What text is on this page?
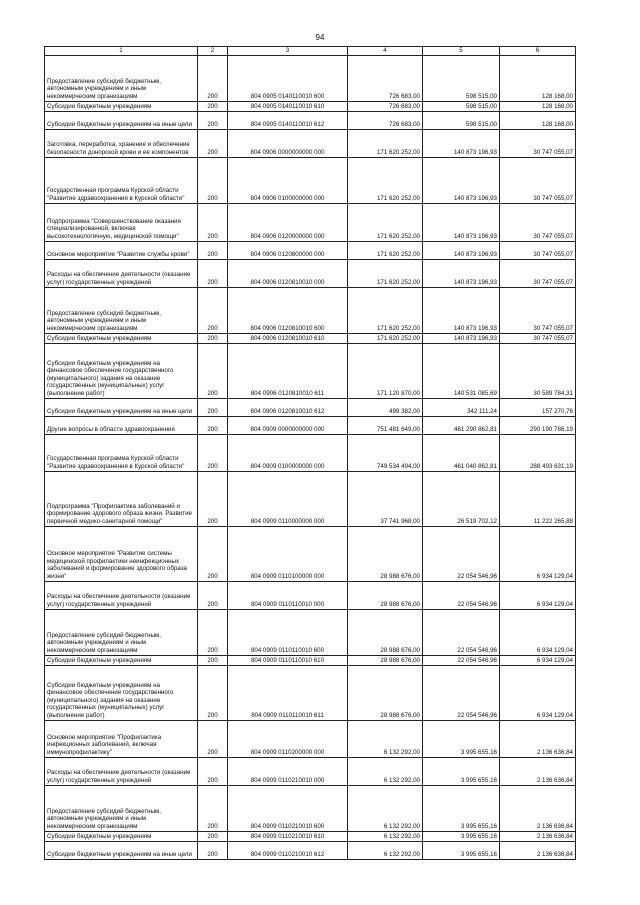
94
1	2	3	4	5	6
Предоставление субсидий бюджетным, автономным учреждениям и иным некоммерческим организациям	200	804 0905 0140110010 600	726 683,00	598 515,00	128 168,00
Субсидии бюджетным учреждениям	200	804 0905 0140110010 610	726 683,00	598 515,00	128 168,00
Субсидии бюджетным учреждениям на иные цели	200	804 0905 0140110010 612	726 683,00	598 515,00	128 168,00
Заготовка, переработка, хранение и обеспечение безопасности донорской крови и ее компонентов	200	804 0906 0000000000 000	171 620 252,00	140 873 196,93	30 747 055,07
Государственная программа Курской области "Развитие здравоохранения в Курской области"	200	804 0906 0100000000 000	171 620 252,00	140 873 196,93	30 747 055,07
Подпрограмма "Совершенствование оказания специализированной, включая высокотехнологичную, медицинской помощи"	200	804 0906 0120000000 000	171 620 252,00	140 873 196,93	30 747 055,07
Основное мероприятие "Развитие службы крови"	200	804 0906 0120800000 000	171 620 252,00	140 873 196,93	30 747 055,07
Расходы на обеспечение деятельности (оказание услуг) государственных учреждений	200	804 0906 0120810010 000	171 620 252,00	140 873 196,93	30 747 055,07
Предоставление субсидий бюджетным, автономным учреждениям и иным некоммерческим организациям	200	804 0906 0120810010 600	171 620 252,00	140 873 196,93	30 747 055,07
Субсидии бюджетным учреждениям	200	804 0906 0120810010 610	171 620 252,00	140 873 196,93	30 747 055,07
Субсидии бюджетным учреждениям на финансовое обеспечение государственного (муниципального) задания на оказание государственных (муниципальных) услуг (выполнение работ)	200	804 0906 0120810010 611	171 120 870,00	140 531 085,69	30 589 784,31
Субсидии бюджетным учреждениям на иные цели	200	804 0906 0120810010 612	499 382,00	342 111,24	157 270,76
Другие вопросы в области здравоохранения	200	804 0909 0000000000 000	751 481 649,00	461 290 862,81	290 190 786,19
Государственная программа Курской области "Развитие здравоохранения в Курской области"	200	804 0909 0100000000 000	749 534 494,00	461 040 862,81	288 493 631,19
Подпрограмма "Профилактика заболеваний и формирование здорового образа жизни. Развитие первичной медико-санитарной помощи"	200	804 0909 0110000000 000	37 741 968,00	26 519 702,12	11 222 265,88
Основное мероприятие "Развитие системы медицинской профилактики неинфекционных заболеваний и формирование здорового образа жизни"	200	804 0909 0110100000 000	28 988 676,00	22 054 546,96	6 934 129,04
Расходы на обеспечение деятельности (оказание услуг) государственных учреждений	200	804 0909 0110110010 000	28 988 676,00	22 054 546,96	6 934 129,04
Предоставление субсидий бюджетным, автономным учреждениям и иным некоммерческим организациям	200	804 0909 0110110010 600	28 988 676,00	22 054 546,96	6 934 129,04
Субсидии бюджетным учреждениям	200	804 0909 0110110010 610	28 988 676,00	22 054 546,96	6 934 129,04
Субсидии бюджетным учреждениям на финансовое обеспечение государственного (муниципального) задания на оказание государственных (муниципальных) услуг (выполнение работ)	200	804 0909 0110110010 611	28 988 676,00	22 054 546,96	6 934 129,04
Основное мероприятие "Профилактика инфекционных заболеваний, включая иммунопрофилактику"	200	804 0909 0110200000 000	6 132 292,00	3 995 655,16	2 136 636,84
Расходы на обеспечение деятельности (оказание услуг) государственных учреждений	200	804 0909 0110210010 000	6 132 292,00	3 995 655,16	2 136 636,84
Предоставление субсидий бюджетным, автономным учреждениям и иным некоммерческим организациям	200	804 0909 0110210010 600	6 132 292,00	3 995 655,16	2 136 636,84
Субсидии бюджетным учреждениям	200	804 0909 0110210010 610	6 132 292,00	3 995 655,16	2 136 636,84
Субсидии бюджетным учреждениям на иные цели	200	804 0909 0110210010 612	6 132 292,00	3 995 655,16	2 136 636,84
